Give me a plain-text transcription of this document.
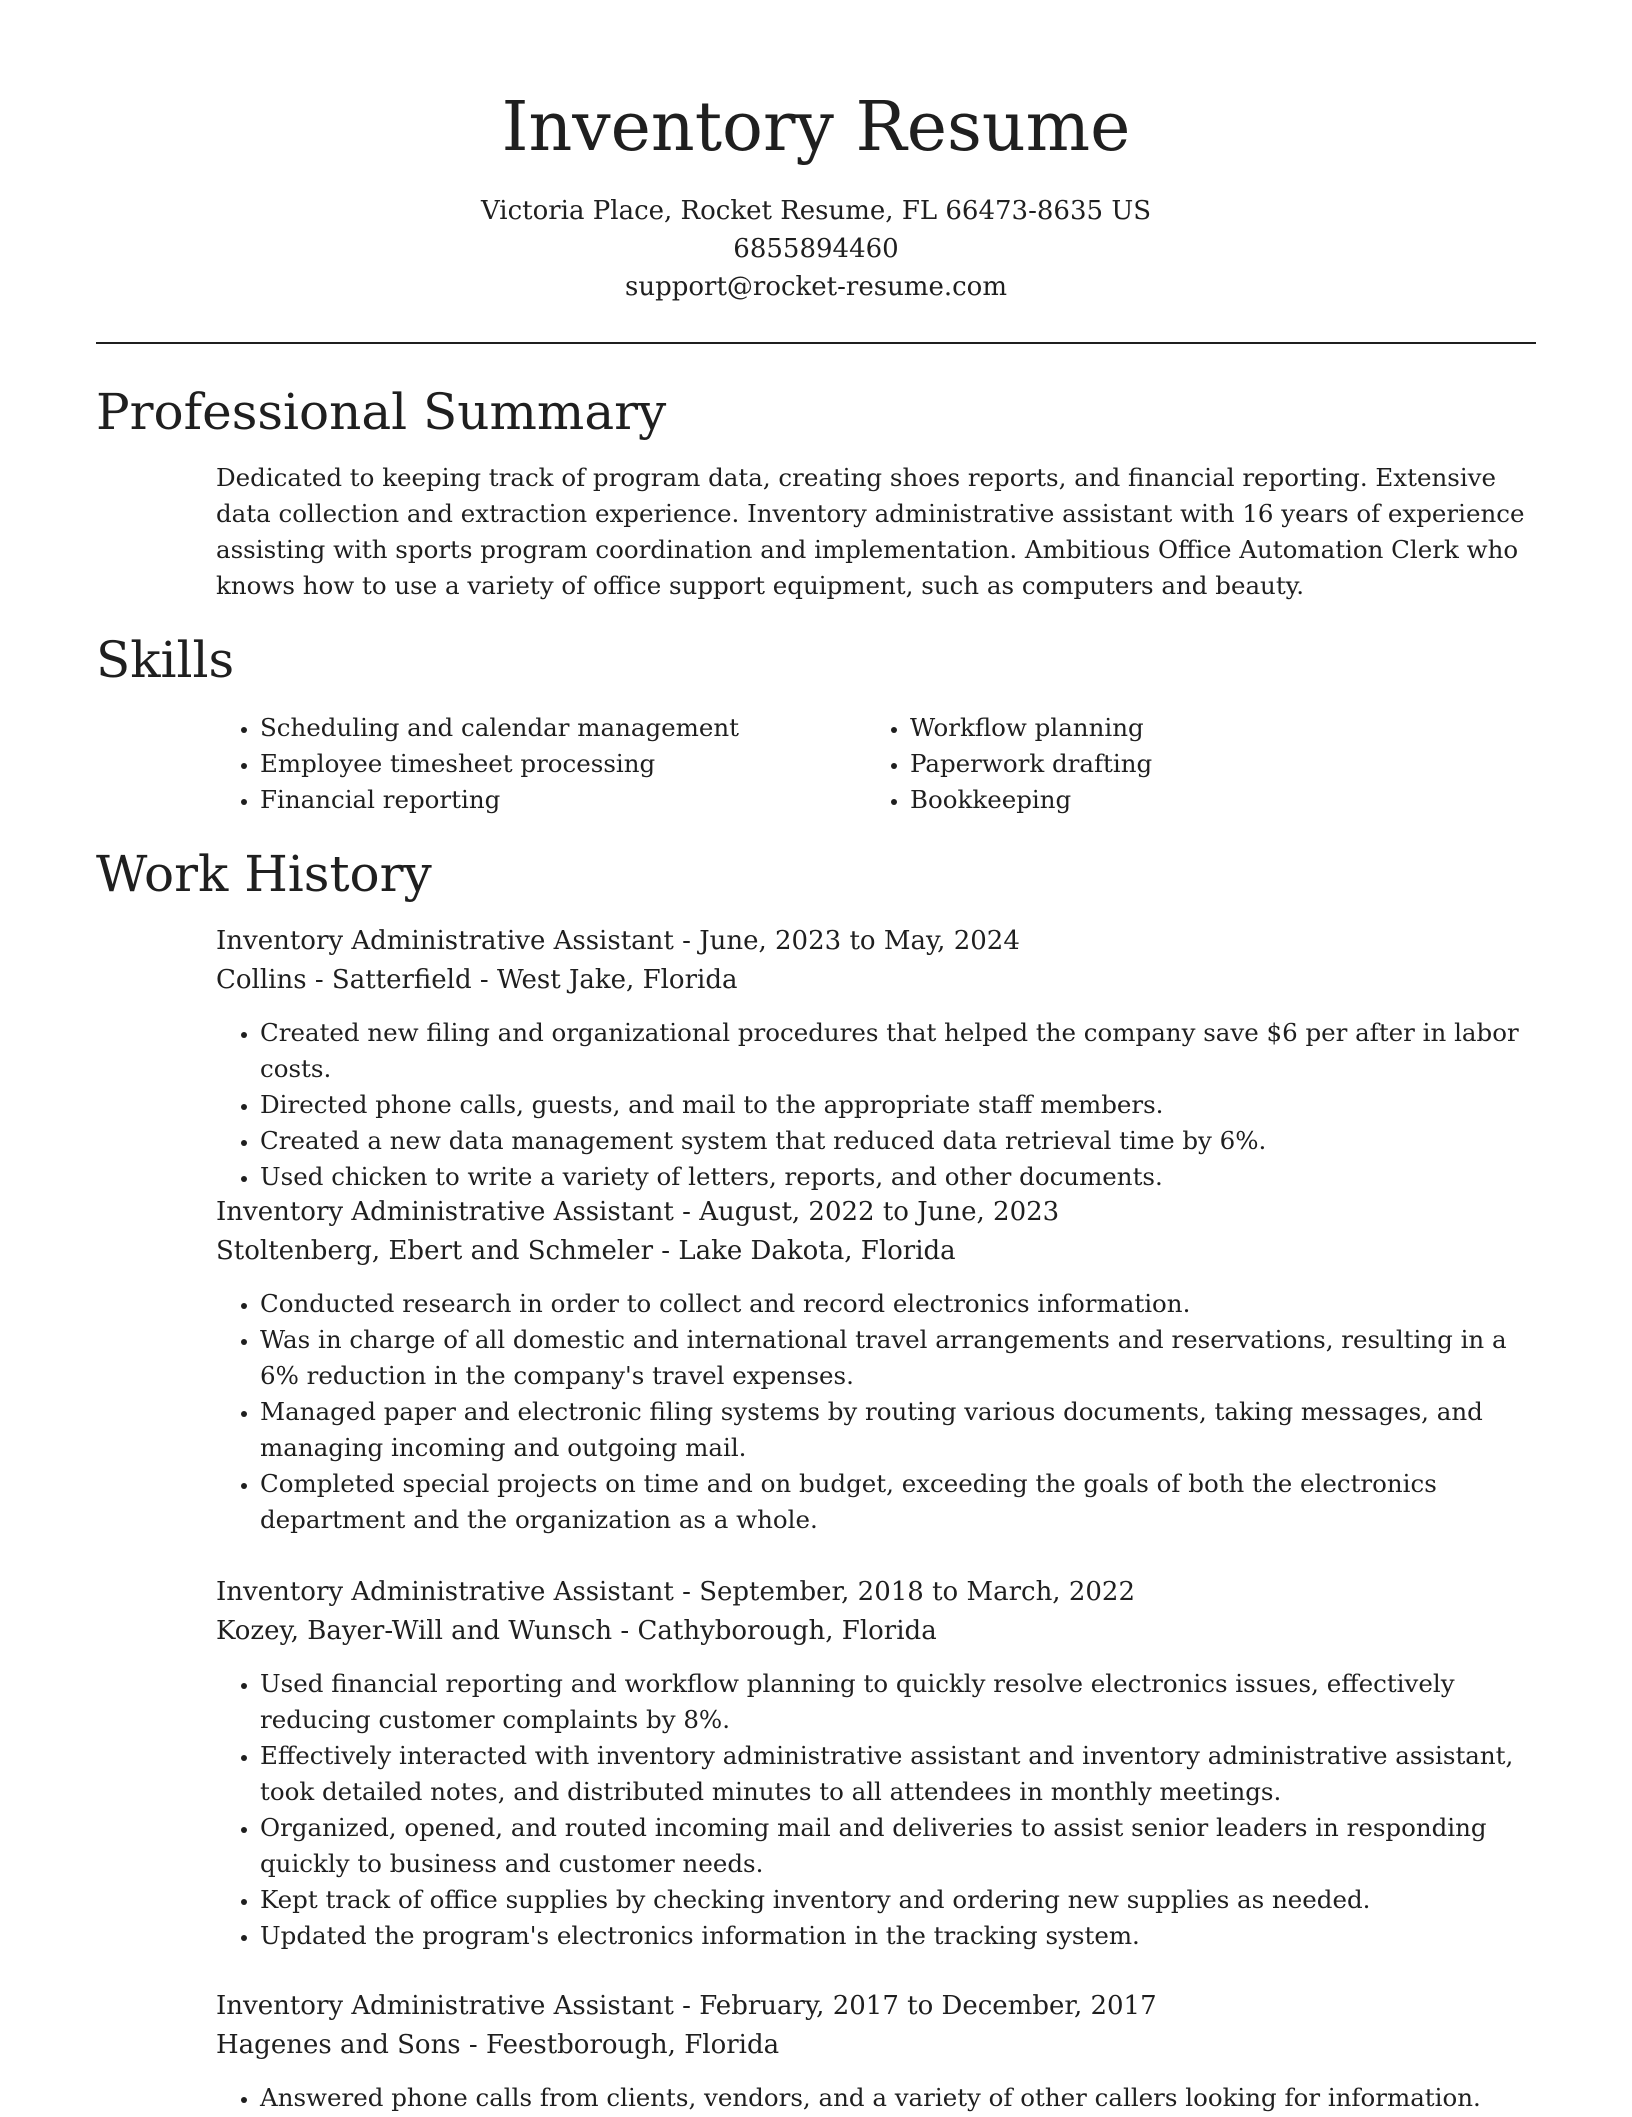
Inventory Resume

Victoria Place, Rocket Resume, FL 66473-8635 US

6855894460

support@rocket-resume.com

Professional Summary

Dedicated to keeping track of program data, creating shoes reports, and financial reporting. Extensive data collection and extraction experience. Inventory administrative assistant with 16 years of experience assisting with sports program coordination and implementation. Ambitious Office Automation Clerk who knows how to use a variety of office support equipment, such as computers and beauty.

Skills
• Scheduling and calendar management
• Employee timesheet processing
• Financial reporting
• Workflow planning
• Paperwork drafting
• Bookkeeping
Work History

Inventory Administrative Assistant - June, 2023 to May, 2024

Collins - Satterfield - West Jake, Florida

• Created new filing and organizational procedures that helped the company save $6 per after in labor costs.
• Directed phone calls, guests, and mail to the appropriate staff members.
• Created a new data management system that reduced data retrieval time by 6%.
• Used chicken to write a variety of letters, reports, and other documents.

Inventory Administrative Assistant - August, 2022 to June, 2023

Stoltenberg, Ebert and Schmeler - Lake Dakota, Florida

• Conducted research in order to collect and record electronics information.
• Was in charge of all domestic and international travel arrangements and reservations, resulting in a 6% reduction in the company's travel expenses.
• Managed paper and electronic filing systems by routing various documents, taking messages, and managing incoming and outgoing mail.
• Completed special projects on time and on budget, exceeding the goals of both the electronics department and the organization as a whole.

Inventory Administrative Assistant - September, 2018 to March, 2022

Kozey, Bayer-Will and Wunsch - Cathyborough, Florida

• Used financial reporting and workflow planning to quickly resolve electronics issues, effectively reducing customer complaints by 8%.
• Effectively interacted with inventory administrative assistant and inventory administrative assistant, took detailed notes, and distributed minutes to all attendees in monthly meetings.
• Organized, opened, and routed incoming mail and deliveries to assist senior leaders in responding quickly to business and customer needs.
• Kept track of office supplies by checking inventory and ordering new supplies as needed.
• Updated the program's electronics information in the tracking system.

Inventory Administrative Assistant - February, 2017 to December, 2017

Hagenes and Sons - Feestborough, Florida

• Answered phone calls from clients, vendors, and a variety of other callers looking for information.
